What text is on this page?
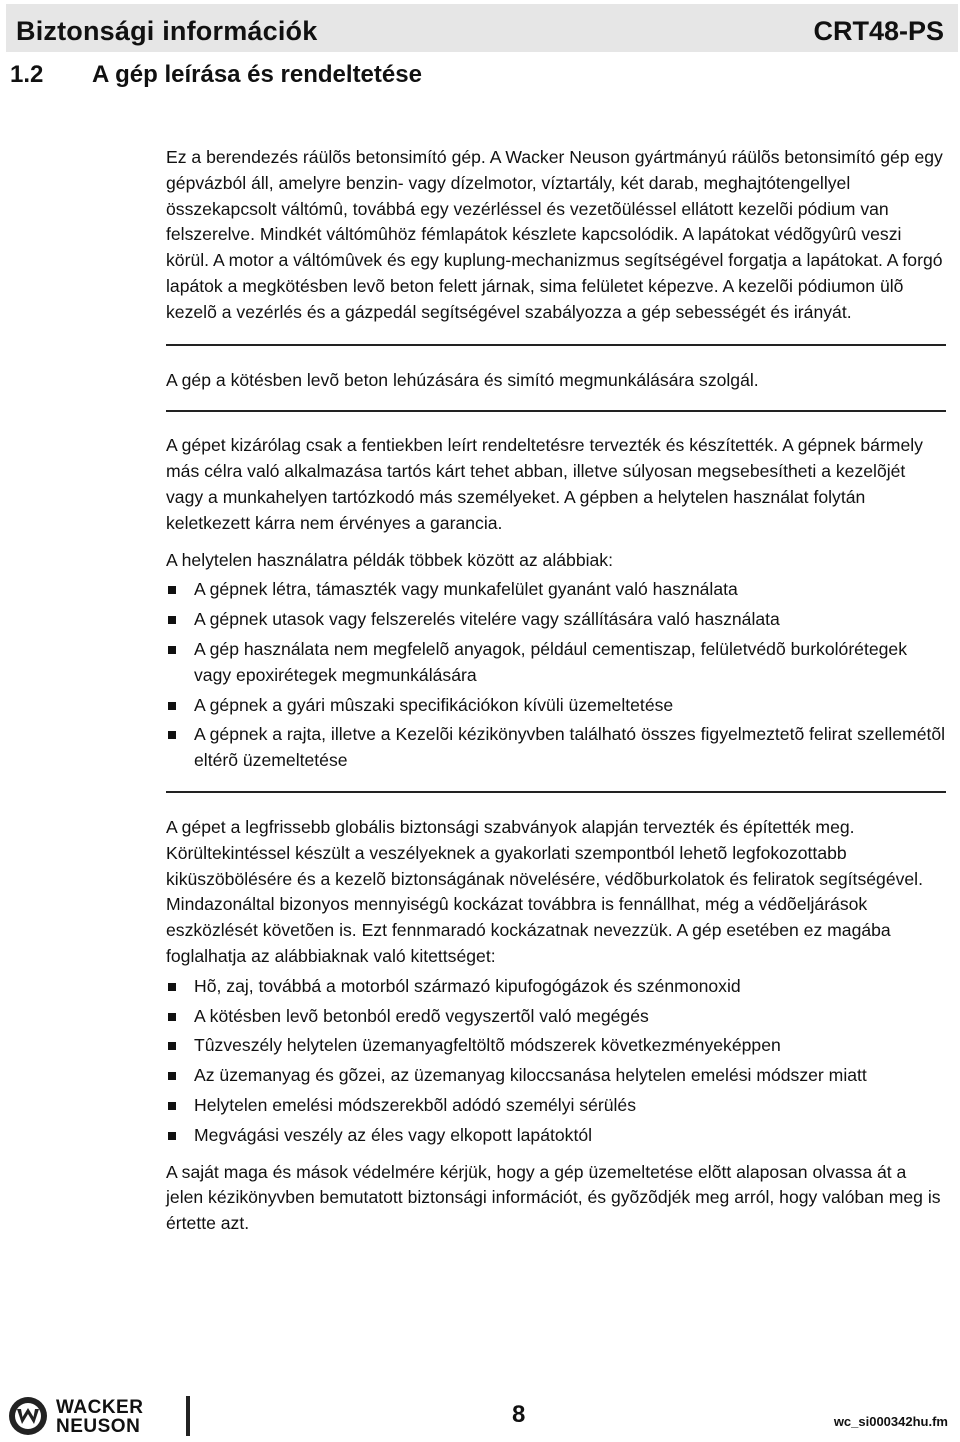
Biztonsági információk	CRT48-PS
1.2 A gép leírása és rendeltetése

Ez a berendezés ráülõs betonsimító gép. A Wacker Neuson gyártmányú ráülõs betonsimító gép egy gépvázból áll, amelyre benzin- vagy dízelmotor, víztartály, két darab, meghajtótengellyel összekapcsolt váltómû, továbbá egy vezérléssel és vezetõüléssel ellátott kezelõi pódium van felszerelve. Mindkét váltómûhöz fémlapátok készlete kapcsolódik. A lapátokat védõgyûrû veszi körül. A motor a váltómûvek és egy kuplung-mechanizmus segítségével forgatja a lapátokat. A forgó lapátok a megkötésben levõ beton felett járnak, sima felületet képezve. A kezelõi pódiumon ülõ kezelõ a vezérlés és a gázpedál segítségével szabályozza a gép sebességét és irányát.

A gép a kötésben levõ beton lehúzására és simító megmunkálására szolgál.

A gépet kizárólag csak a fentiekben leírt rendeltetésre tervezték és készítették. A gépnek bármely más célra való alkalmazása tartós kárt tehet abban, illetve súlyosan megsebesítheti a kezelõjét vagy a munkahelyen tartózkodó más személyeket. A gépben a helytelen használat folytán keletkezett kárra nem érvényes a garancia.

A helytelen használatra példák többek között az alábbiak:

A gépnek létra, támaszték vagy munkafelület gyanánt való használata
A gépnek utasok vagy felszerelés vitelére vagy szállítására való használata
A gép használata nem megfelelõ anyagok, például cementiszap, felületvédõ burkolórétegek vagy epoxirétegek megmunkálására
A gépnek a gyári mûszaki specifikációkon kívüli üzemeltetése
A gépnek a rajta, illetve a Kezelõi kézikönyvben található összes figyelmeztetõ felirat szellemétõl eltérõ üzemeltetése

A gépet a legfrissebb globális biztonsági szabványok alapján tervezték és építették meg. Körültekintéssel készült a veszélyeknek a gyakorlati szempontból lehetõ legfokozottabb kiküszöbölésére és a kezelõ biztonságának növelésére, védõburkolatok és feliratok segítségével. Mindazonáltal bizonyos mennyiségû kockázat továbbra is fennállhat, még a védõeljárások eszközlését követõen is. Ezt fennmaradó kockázatnak nevezzük. A gép esetében ez magába foglalhatja az alábbiaknak való kitettséget:

Hõ, zaj, továbbá a motorból származó kipufogógázok és szénmonoxid
A kötésben levõ betonból eredõ vegyszertõl való megégés
Tûzveszély helytelen üzemanyagfeltöltõ módszerek következményeképpen
Az üzemanyag és gõzei, az üzemanyag kiloccsanása helytelen emelési módszer miatt
Helytelen emelési módszerekbõl adódó személyi sérülés
Megvágási veszély az éles vagy elkopott lapátoktól

A saját maga és mások védelmére kérjük, hogy a gép üzemeltetése elõtt alaposan olvassa át a jelen kézikönyvben bemutatott biztonsági információt, és gyõzõdjék meg arról, hogy valóban meg is értette azt.

WACKER
NEUSON	8	wc_si000342hu.fm
